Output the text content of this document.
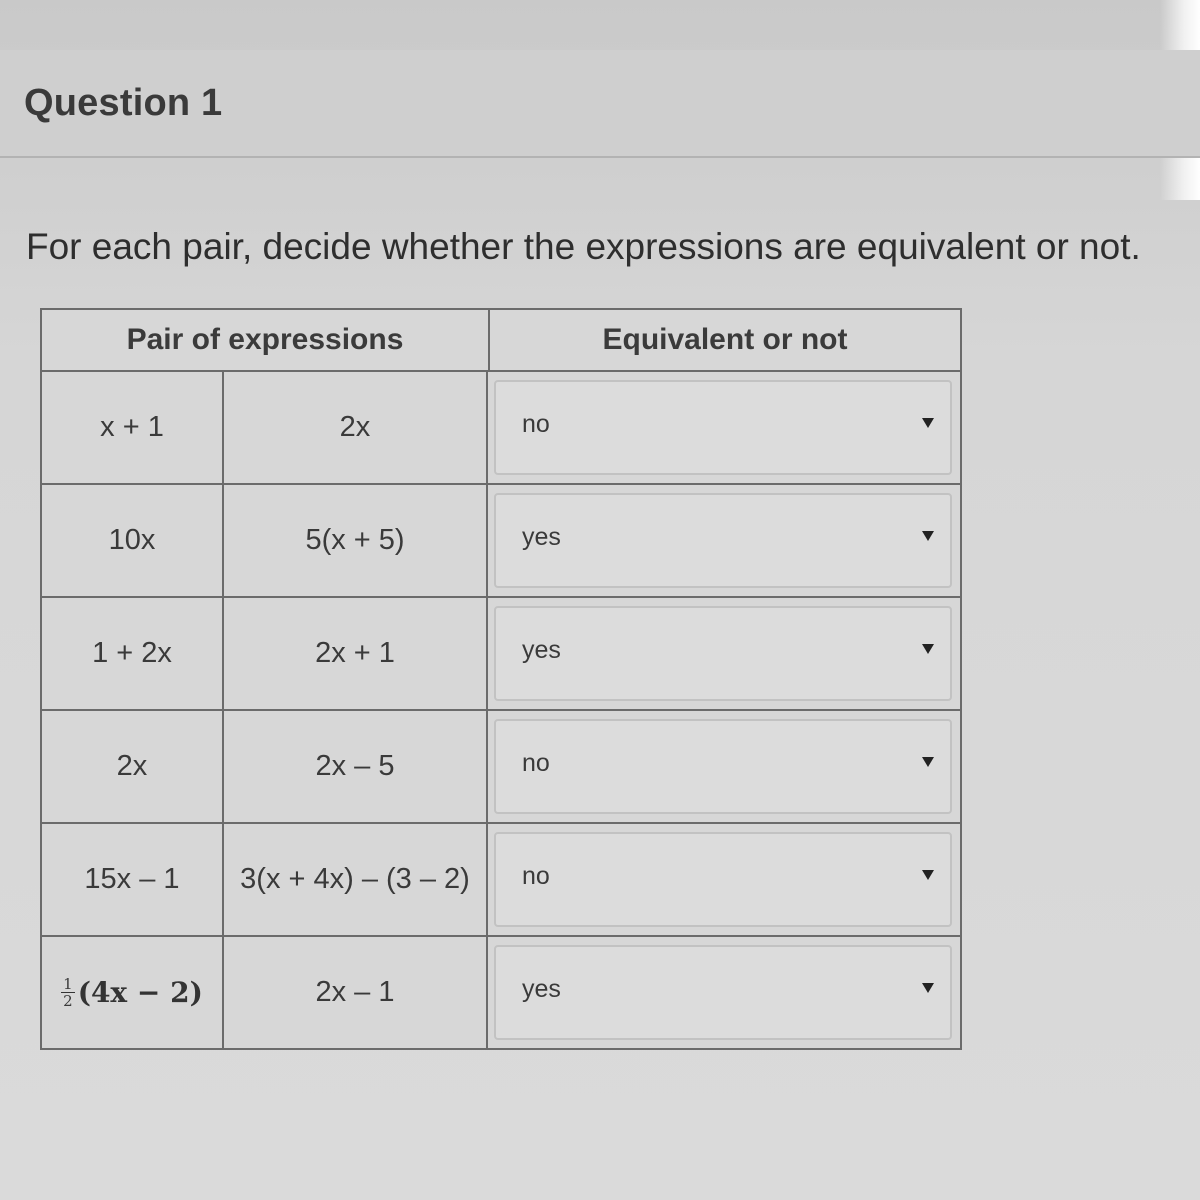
Question 1
For each pair, decide whether the expressions are equivalent or not.
Pair of expressions	Equivalent or not
x + 1	2x	no
10x	5(x + 5)	yes
1 + 2x	2x + 1	yes
2x	2x – 5	no
15x – 1	3(x + 4x) – (3 – 2)	no
$\frac{1}{2} (4x - 2)$	2x – 1	yes
